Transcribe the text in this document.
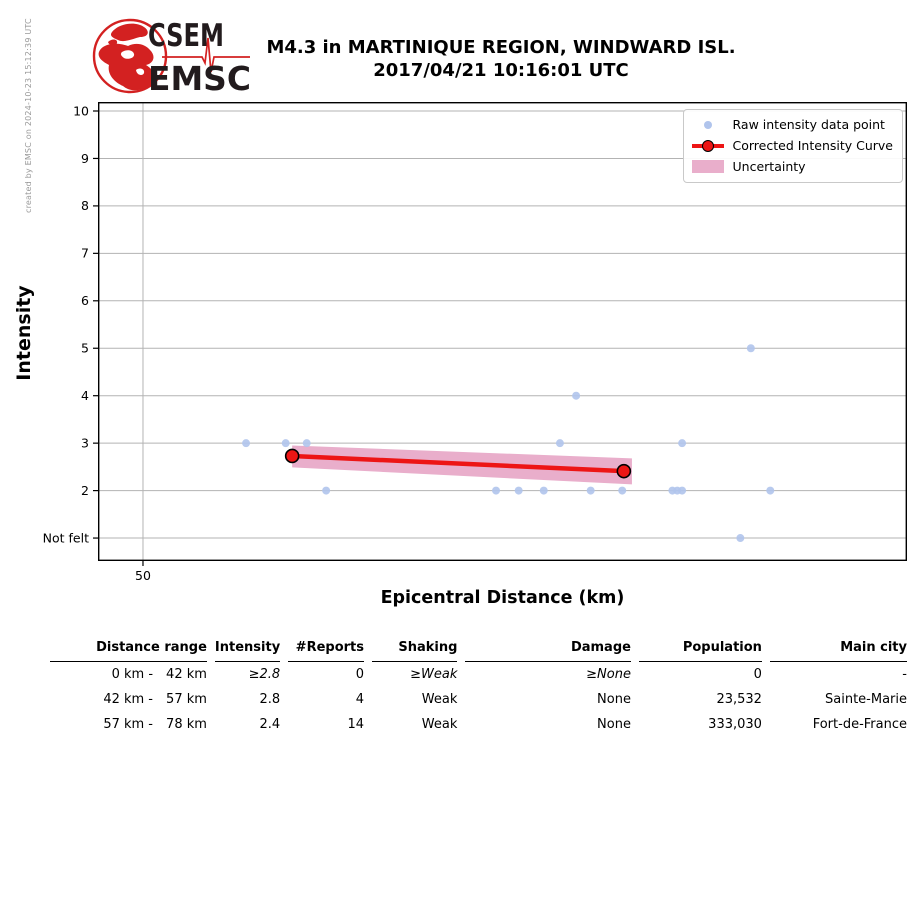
created by EMSC on 2024-10-23 15:12:39 UTC	CSEM
EMSC
M4.3 in MARTINIQUE REGION, WINDWARD ISL.
2017/04/21 10:16:01 UTC
Intensity
10
9
8
7
6
5
4
3
2
Not felt
50
Raw intensity data point
Corrected Intensity Curve
Uncertainty
Epicentral Distance (km)
Distance range		Intensity	#Reports	Shaking	Damage	Population	Main city
0 km -	42 km	≥2.8	0	≥Weak	≥None	0	-
42 km -	57 km	2.8	4	Weak	None	23,532	Sainte-Marie
57 km -	78 km	2.4	14	Weak	None	333,030	Fort-de-France
